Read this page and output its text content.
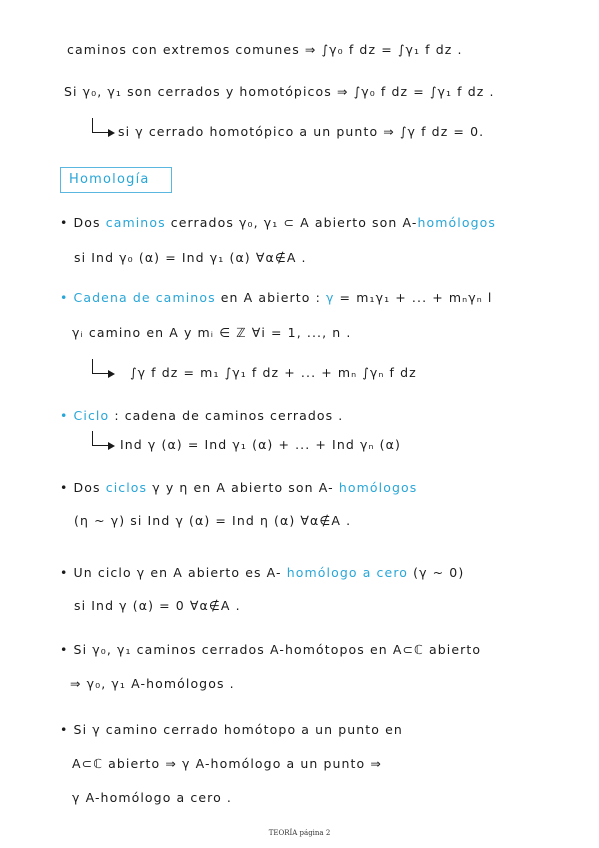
caminos con extremos comunes ⇒ ∫γ₀ f dz = ∫γ₁ f dz .
Si γ₀, γ₁ son cerrados y homotópicos ⇒ ∫γ₀ f dz = ∫γ₁ f dz .
si γ cerrado homotópico a un punto ⇒ ∫γ f dz = 0.
Homología
• Dos caminos cerrados γ₀, γ₁ ⊂ A abierto son A-homólogos
si Ind γ₀ (α) = Ind γ₁ (α) ∀α∉A .
• Cadena de caminos en A abierto : γ = m₁γ₁ + ... + mₙγₙ l
γᵢ camino en A y mᵢ ∈ ℤ ∀i = 1, ..., n .
∫γ f dz = m₁ ∫γ₁ f dz + ... + mₙ ∫γₙ f dz
• Ciclo : cadena de caminos cerrados .
Ind γ (α) = Ind γ₁ (α) + ... + Ind γₙ (α)
• Dos ciclos γ y η en A abierto son A- homólogos
(η ~ γ) si Ind γ (α) = Ind η (α) ∀α∉A .
• Un ciclo γ en A abierto es A- homólogo a cero (γ ~ 0)
si Ind γ (α) = 0 ∀α∉A .
• Si γ₀, γ₁ caminos cerrados A-homótopos en A⊂ℂ abierto
⇒ γ₀, γ₁ A-homólogos .
• Si γ camino cerrado homótopo a un punto en
A⊂ℂ abierto ⇒ γ A-homólogo a un punto ⇒
γ A-homólogo a cero .
TEORÍA página 2
